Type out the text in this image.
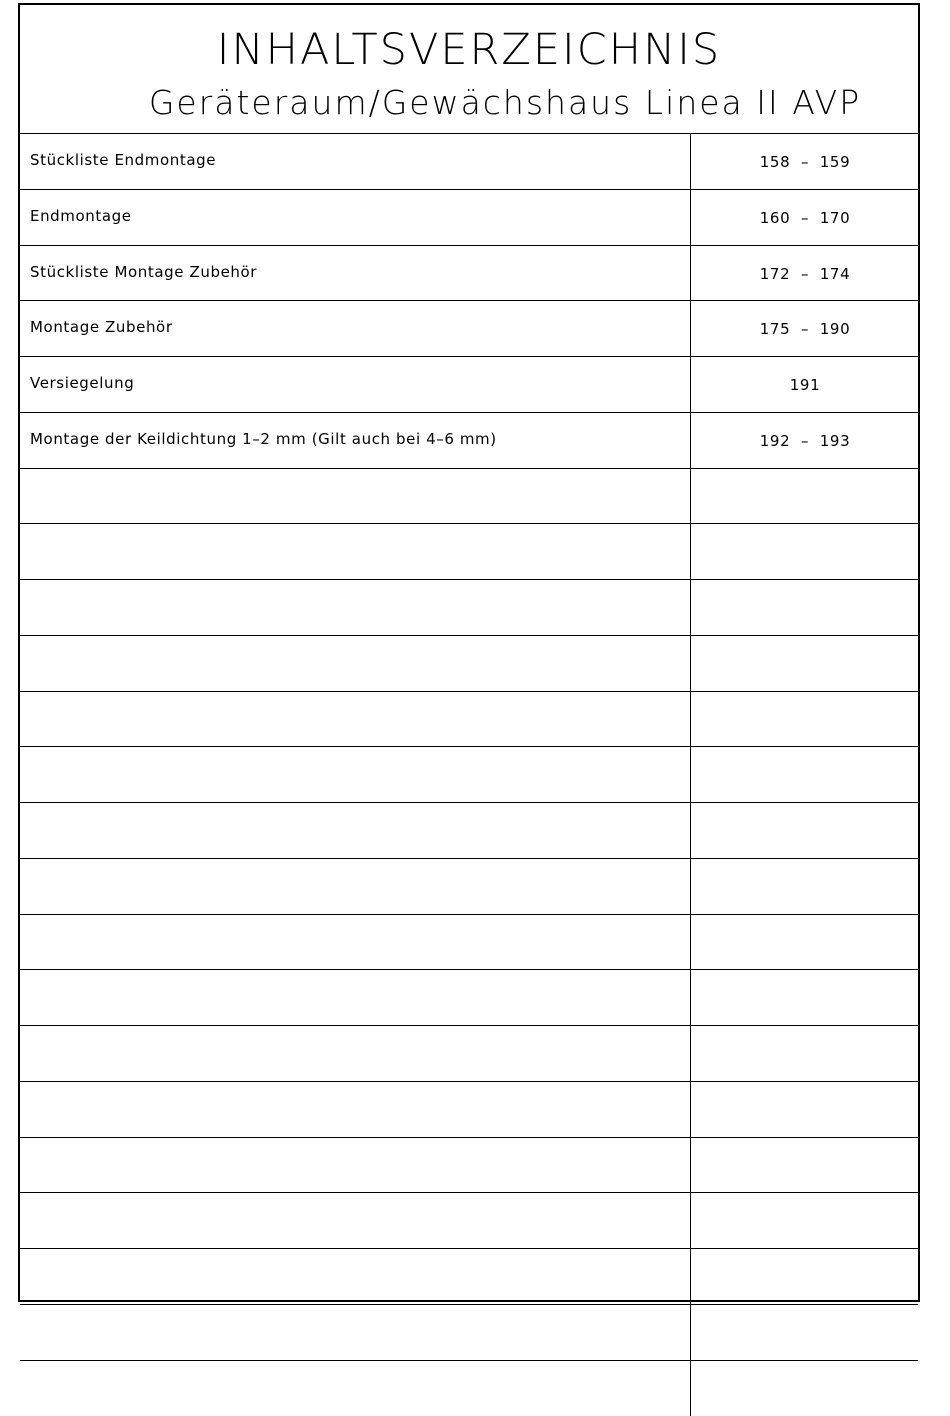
INHALTSVERZEICHNIS
Geräteraum/Gewächshaus Linea II AVP
Stückliste Endmontage	158  –  159
Endmontage	160  –  170
Stückliste Montage Zubehör	172  –  174
Montage Zubehör	175  –  190
Versiegelung	191
Montage der Keildichtung 1–2 mm (Gilt auch bei 4–6 mm)	192  –  193
